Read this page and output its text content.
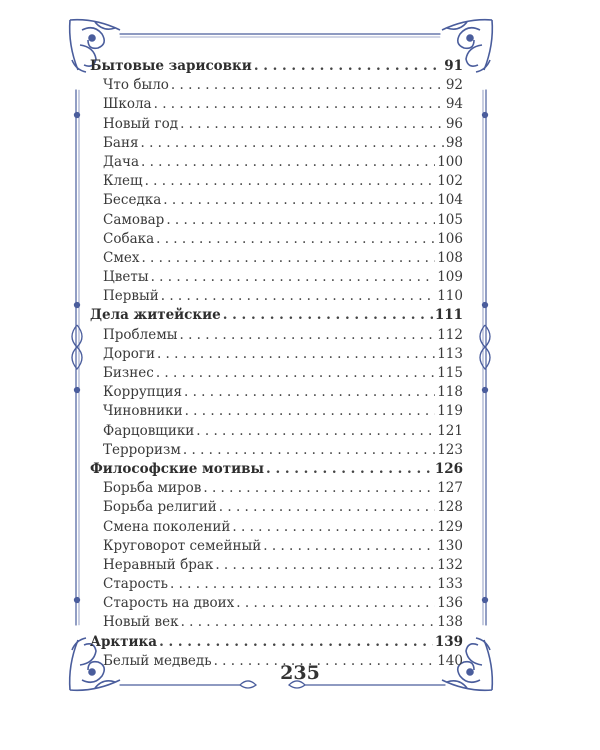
Бытовые зарисовки . . .	91
Что было . . .	92
Школа . . .	94
Новый год . . .	96
Баня . . .	98
Дача . . .	100
Клещ . . .	102
Беседка . . .	104
Самовар . . .	105
Собака . . .	106
Смех . . .	108
Цветы . . .	109
Первый . . .	110
Дела житейские . . .	111
Проблемы . . .	112
Дороги . . .	113
Бизнес . . .	115
Коррупция . . .	118
Чиновники . . .	119
Фарцовщики . . .	121
Терроризм . . .	123
Философские мотивы . . .	126
Борьба миров . . .	127
Борьба религий . . .	128
Смена поколений . . .	129
Круговорот семейный . . .	130
Неравный брак . . .	132
Старость . . .	133
Старость на двоих . . .	136
Новый век . . .	138
Арктика . . .	139
Белый медведь . . .	140
235
